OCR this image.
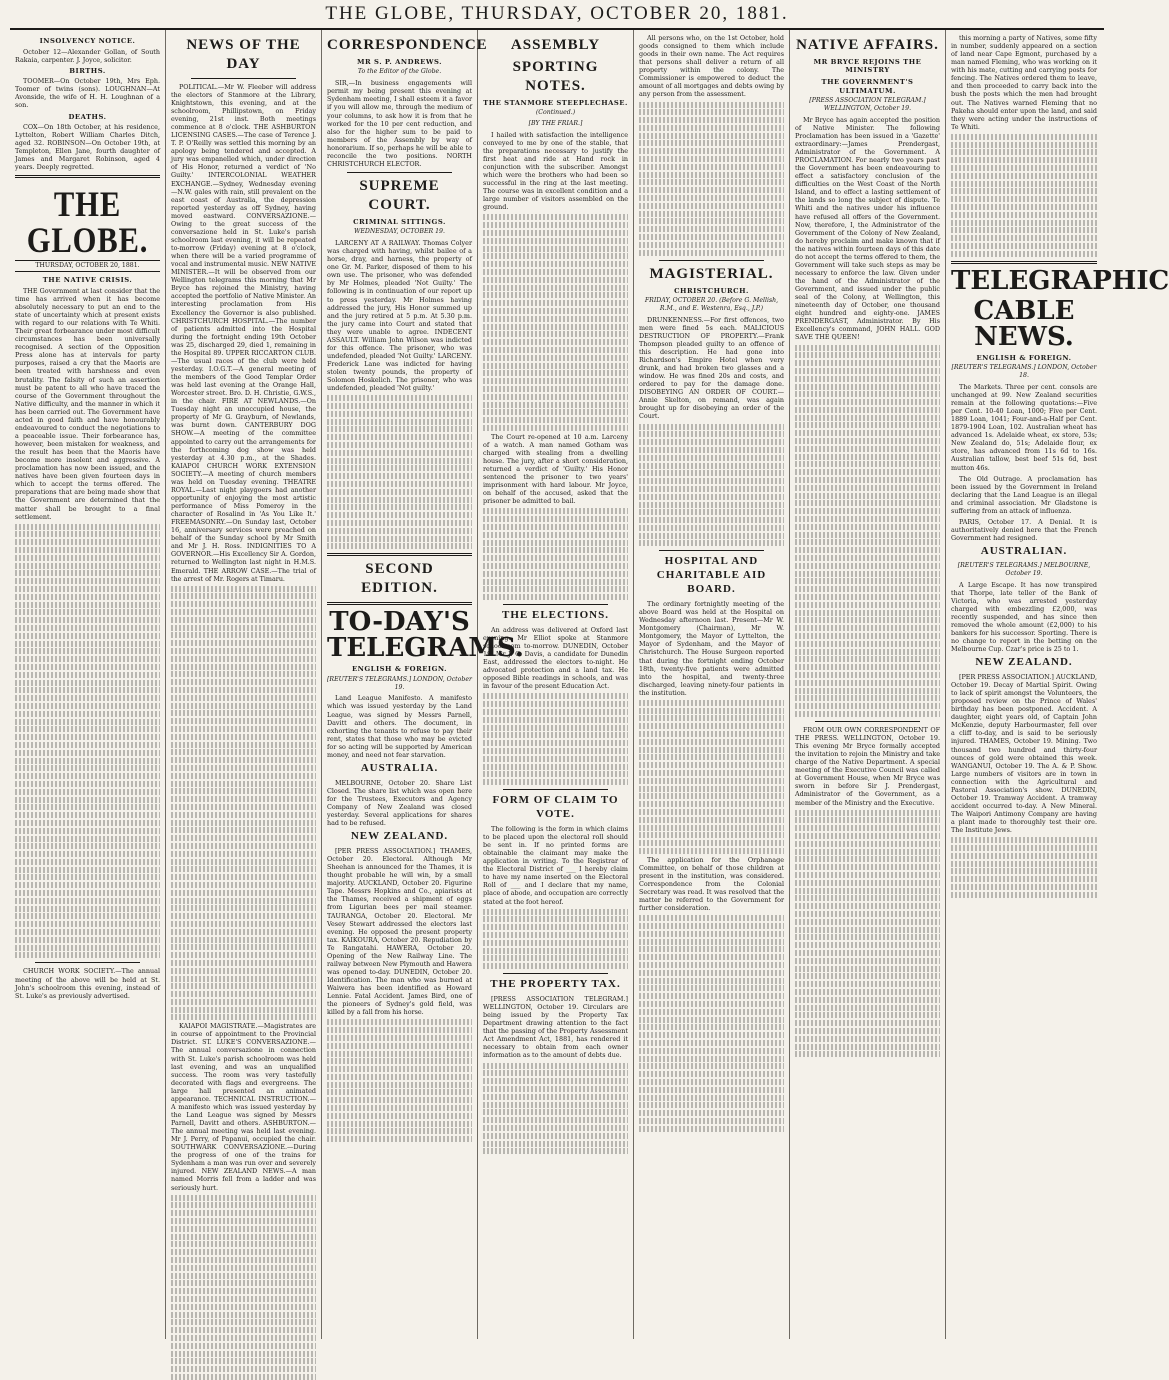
THE GLOBE, THURSDAY, OCTOBER 20, 1881.
INSOLVENCY NOTICE.

October 12—Alexander Gollan, of South Rakaia, carpenter. J. Joyce, solicitor.

BIRTHS.

TOOMER—On October 19th, Mrs Eph. Toomer of twins (sons). LOUGHNAN—At Avonside, the wife of H. H. Loughnan of a son.

DEATHS.

COX—On 18th October, at his residence, Lyttelton, Robert William Charles Ditch, aged 32. ROBINSON—On October 19th, at Templeton, Ellen Jane, fourth daughter of James and Margaret Robinson, aged 4 years. Deeply regretted.

THE GLOBE.
THURSDAY, OCTOBER 20, 1881.
THE NATIVE CRISIS.

THE Government at last consider that the time has arrived when it has become absolutely necessary to put an end to the state of uncertainty which at present exists with regard to our relations with Te Whiti. Their great forbearance under most difficult circumstances has been universally recognised. A section of the Opposition Press alone has at intervals for party purposes, raised a cry that the Maoris are been treated with harshness and even brutality. The falsity of such an assertion must be patent to all who have traced the course of the Government throughout the Native difficulty, and the manner in which it has been carried out. The Government have acted in good faith and have honourably endeavoured to conduct the negotiations to a peaceable issue. Their forbearance has, however, been mistaken for weakness, and the result has been that the Maoris have become more insolent and aggressive. A proclamation has now been issued, and the natives have been given fourteen days in which to accept the terms offered. The preparations that are being made show that the Government are determined that the matter shall be brought to a final settlement.

CHURCH WORK SOCIETY.—The annual meeting of the above will be held at St. John's schoolroom this evening, instead of St. Luke's as previously advertised.

NEWS OF THE DAY

POLITICAL.—Mr W. Fleeber will address the electors of Stanmore at the Library, Knightstown, this evening, and at the schoolroom, Phillipstown, on Friday evening, 21st inst. Both meetings commence at 8 o'clock. THE ASHBURTON LICENSING CASES.—The case of Terence J. T. P. O'Reilly was settled this morning by an apology being tendered and accepted. A jury was empanelled which, under direction of His Honor, returned a verdict of 'No Guilty.' INTERCOLONIAL WEATHER EXCHANGE.—Sydney, Wednesday evening—N.W. gales with rain, still prevalent on the east coast of Australia, the depression reported yesterday as off Sydney, having moved eastward. CONVERSAZIONE.—Owing to the great success of the conversazione held in St. Luke's parish schoolroom last evening, it will be repeated to-morrow (Friday) evening at 8 o'clock, when there will be a varied programme of vocal and instrumental music. NEW NATIVE MINISTER.—It will be observed from our Wellington telegrams this morning that Mr Bryce has rejoined the Ministry, having accepted the portfolio of Native Minister. An interesting proclamation from His Excellency the Governor is also published. CHRISTCHURCH HOSPITAL.—The number of patients admitted into the Hospital during the fortnight ending 19th October was 25, discharged 29, died 1, remaining in the Hospital 89. UPPER RICCARTON CLUB.—The usual races of the club were held yesterday. I.O.G.T.—A general meeting of the members of the Good Templar Order was held last evening at the Orange Hall, Worcester street. Bro. D. H. Christie, G.W.S., in the chair. FIRE AT NEWLANDS.—On Tuesday night an unoccupied house, the property of Mr G. Grayburn, of Newlands, was burnt down. CANTERBURY DOG SHOW.—A meeting of the committee appointed to carry out the arrangements for the forthcoming dog show was held yesterday at 4.30 p.m., at the Shades. KAIAPOI CHURCH WORK EXTENSION SOCIETY.—A meeting of church members was held on Tuesday evening. THEATRE ROYAL.—Last night playgoers had another opportunity of enjoying the most artistic performance of Miss Pomeroy in the character of Rosalind in 'As You Like It.' FREEMASONRY.—On Sunday last, October 16, anniversary services were preached on behalf of the Sunday school by Mr Smith and Mr J. H. Ross. INDIGNITIES TO A GOVERNOR.—His Excellency Sir A. Gordon, returned to Wellington last night in H.M.S. Emerald. THE ARROW CASE.—The trial of the arrest of Mr. Rogers at Timaru.

KAIAPOI MAGISTRATE.—Magistrates are in course of appointment to the Provincial District. ST. LUKE'S CONVERSAZIONE.—The annual conversazione in connection with St. Luke's parish schoolroom was held last evening, and was an unqualified success. The room was very tastefully decorated with flags and evergreens. The large hall presented an animated appearance. TECHNICAL INSTRUCTION.—A manifesto which was issued yesterday by the Land League was signed by Messrs Parnell, Davitt and others. ASHBURTON.—The annual meeting was held last evening. Mr J. Perry, of Papanui, occupied the chair. SOUTHWARK CONVERSAZIONE.—During the progress of one of the trains for Sydenham a man was run over and severely injured. NEW ZEALAND NEWS.—A man named Morris fell from a ladder and was seriously hurt.

CORRESPONDENCE
MR S. P. ANDREWS.
To the Editor of the Globe.

SIR,—In business engagements will permit my being present this evening at Sydenham meeting, I shall esteem it a favor if you will allow me, through the medium of your columns, to ask how it is from that he worked for the 10 per cent reduction, and also for the higher sum to be paid to members of the Assembly by way of honorarium. If so, perhaps he will be able to reconcile the two positions. NORTH CHRISTCHURCH ELECTOR.

SUPREME COURT.
CRIMINAL SITTINGS.
WEDNESDAY, OCTOBER 19.

LARCENY AT A RAILWAY. Thomas Colyer was charged with having, whilst bailee of a horse, dray, and harness, the property of one Gr. M. Parker, disposed of them to his own use. The prisoner, who was defended by Mr Holmes, pleaded 'Not Guilty.' The following is in continuation of our report up to press yesterday. Mr Holmes having addressed the jury, His Honor summed up and the jury retired at 5 p.m. At 5.30 p.m. the jury came into Court and stated that they were unable to agree. INDECENT ASSAULT. William John Wilson was indicted for this offence. The prisoner, who was undefended, pleaded 'Not Guilty.' LARCENY. Frederick Lane was indicted for having stolen twenty pounds, the property of Solomon Hoskelich. The prisoner, who was undefended, pleaded 'Not guilty.'

SECOND EDITION.
TO-DAY'S TELEGRAMS.
ENGLISH & FOREIGN.
[REUTER'S TELEGRAMS.] LONDON, October 19.

Land League Manifesto. A manifesto which was issued yesterday by the Land League, was signed by Messrs Parnell, Davitt and others. The document, in exhorting the tenants to refuse to pay their rent, states that those who may be evicted for so acting will be supported by American money, and need not fear starvation.

AUSTRALIA.

MELBOURNE, October 20. Share List Closed. The share list which was open here for the Trustees, Executors and Agency Company of New Zealand was closed yesterday. Several applications for shares had to be refused.

NEW ZEALAND.

[PER PRESS ASSOCIATION.] THAMES, October 20. Electoral. Although Mr Sheehan is announced for the Thames, it is thought probable he will win, by a small majority. AUCKLAND, October 20. Figurine Tape. Messrs Hopkins and Co., apiarists at the Thames, received a shipment of eggs from Ligurian bees per mail steamer. TAURANGA, October 20. Electoral. Mr Vesey Stewart addressed the electors last evening. He opposed the present property tax. KAIKOURA, October 20. Repudiation by Te Rangatahi. HAWERA, October 20. Opening of the New Railway Line. The railway between New Plymouth and Hawera was opened to-day. DUNEDIN, October 20. Identification. The man who was burned at Waiwera has been identified as Howard Lennie. Fatal Accident. James Bird, one of the pioneers of Sydney's gold field, was killed by a fall from his horse.

ASSEMBLY
SPORTING NOTES.
THE STANMORE STEEPLECHASE.
(Continued.)
[BY THE FRIAR.]

I hailed with satisfaction the intelligence conveyed to me by one of the stable, that the preparations necessary to justify the first heat and ride at Hand rock in conjunction with the subscriber. Amongst which were the brothers who had been so successful in the ring at the last meeting. The course was in excellent condition and a large number of visitors assembled on the ground.

The Court re-opened at 10 a.m. Larceny of a watch. A man named Gotham was charged with stealing from a dwelling house. The jury, after a short consideration, returned a verdict of 'Guilty.' His Honor sentenced the prisoner to two years' imprisonment with hard labour. Mr Joyce, on behalf of the accused, asked that the prisoner be admitted to bail.

THE ELECTIONS.

An address was delivered at Oxford last evening. Mr Elliot spoke at Stanmore schoolroom to-morrow. DUNEDIN, October 19. Mr J. C. Davis, a candidate for Dunedin East, addressed the electors to-night. He advocated protection and a land tax. He opposed Bible readings in schools, and was in favour of the present Education Act.

FORM OF CLAIM TO VOTE.

The following is the form in which claims to be placed upon the electoral roll should be sent in. If no printed forms are obtainable the claimant may make the application in writing. To the Registrar of the Electoral District of ___ I hereby claim to have my name inserted on the Electoral Roll of ___ and I declare that my name, place of abode, and occupation are correctly stated at the foot hereof.

THE PROPERTY TAX.

[PRESS ASSOCIATION TELEGRAM.] WELLINGTON, October 19. Circulars are being issued by the Property Tax Department drawing attention to the fact that the passing of the Property Assessment Act Amendment Act, 1881, has rendered it necessary to obtain from each owner information as to the amount of debts due.

All persons who, on the 1st October, hold goods consigned to them which include goods in their own name. The Act requires that persons shall deliver a return of all property within the colony. The Commissioner is empowered to deduct the amount of all mortgages and debts owing by any person from the assessment.

MAGISTERIAL.
CHRISTCHURCH.
FRIDAY, OCTOBER 20. (Before G. Mellish, R.M., and E. Westenra, Esq., J.P.)

DRUNKENNESS.—For first offences, two men were fined 5s each. MALICIOUS DESTRUCTION OF PROPERTY.—Frank Thompson pleaded guilty to an offence of this description. He had gone into Richardson's Empire Hotel when very drunk, and had broken two glasses and a window. He was fined 20s and costs, and ordered to pay for the damage done. DISOBEYING AN ORDER OF COURT.—Annie Skelton, on remand, was again brought up for disobeying an order of the Court.

HOSPITAL AND CHARITABLE AID BOARD.

The ordinary fortnightly meeting of the above Board was held at the Hospital on Wednesday afternoon last. Present—Mr W. Montgomery (Chairman), Mr W. Montgomery, the Mayor of Lyttelton, the Mayor of Sydenham, and the Mayor of Christchurch. The House Surgeon reported that during the fortnight ending October 18th, twenty-five patients were admitted into the hospital, and twenty-three discharged, leaving ninety-four patients in the institution.

The application for the Orphanage Committee, on behalf of those children at present in the institution, was considered. Correspondence from the Colonial Secretary was read. It was resolved that the matter be referred to the Government for further consideration.

NATIVE AFFAIRS.
MR BRYCE REJOINS THE MINISTRY
THE GOVERNMENT'S ULTIMATUM.
[PRESS ASSOCIATION TELEGRAM.] WELLINGTON, October 19.

Mr Bryce has again accepted the position of Native Minister. The following Proclamation has been issued in a 'Gazette' extraordinary:—James Prendergast, Administrator of the Government. A PROCLAMATION. For nearly two years past the Government has been endeavouring to effect a satisfactory conclusion of the difficulties on the West Coast of the North Island, and to effect a lasting settlement of the lands so long the subject of dispute. Te Whiti and the natives under his influence have refused all offers of the Government. Now, therefore, I, the Administrator of the Government of the Colony of New Zealand, do hereby proclaim and make known that if the natives within fourteen days of this date do not accept the terms offered to them, the Government will take such steps as may be necessary to enforce the law. Given under the hand of the Administrator of the Government, and issued under the public seal of the Colony, at Wellington, this nineteenth day of October, one thousand eight hundred and eighty-one. JAMES PRENDERGAST, Administrator. By His Excellency's command, JOHN HALL. GOD SAVE THE QUEEN!

FROM OUR OWN CORRESPONDENT OF THE PRESS. WELLINGTON, October 19. This evening Mr Bryce formally accepted the invitation to rejoin the Ministry and take charge of the Native Department. A special meeting of the Executive Council was called at Government House, when Mr Bryce was sworn in before Sir J. Prendergast, Administrator of the Government, as a member of the Ministry and the Executive.

this morning a party of Natives, some fifty in number, suddenly appeared on a section of land near Cape Egmont, purchased by a man named Fleming, who was working on it with his mate, cutting and carrying posts for fencing. The Natives ordered them to leave, and then proceeded to carry back into the bush the posts which the men had brought out. The Natives warned Fleming that no Pakeha should enter upon the land, and said they were acting under the instructions of Te Whiti.

TELEGRAPHIC
CABLE NEWS.
ENGLISH & FOREIGN.
[REUTER'S TELEGRAMS.] LONDON, October 18.

The Markets. Three per cent. consols are unchanged at 99. New Zealand securities remain at the following quotations:—Five per Cent. 10-40 Loan, 1000; Five per Cent. 1889 Loan, 1041; Four-and-a-Half per Cent. 1879-1904 Loan, 102. Australian wheat has advanced 1s. Adelaide wheat, ex store, 53s; New Zealand do, 51s; Adelaide flour, ex store, has advanced from 11s 6d to 16s. Australian tallow, best beef 51s 6d, best mutton 46s.

The Old Outrage. A proclamation has been issued by the Government in Ireland declaring that the Land League is an illegal and criminal association. Mr Gladstone is suffering from an attack of influenza.

PARIS, October 17. A Denial. It is authoritatively denied here that the French Government had resigned.

AUSTRALIAN.
[REUTER'S TELEGRAMS.] MELBOURNE, October 19.

A Large Escape. It has now transpired that Thorpe, late teller of the Bank of Victoria, who was arrested yesterday charged with embezzling £2,000, was recently suspended, and has since then removed the whole amount (£2,000) to his bankers for his successor. Sporting. There is no change to report in the betting on the Melbourne Cup. Czar's price is 25 to 1.

NEW ZEALAND.

[PER PRESS ASSOCIATION.] AUCKLAND, October 19. Decay of Martial Spirit. Owing to lack of spirit amongst the Volunteers, the proposed review on the Prince of Wales' birthday has been postponed. Accident. A daughter, eight years old, of Captain John McKenzie, deputy Harbourmaster, fell over a cliff to-day, and is said to be seriously injured. THAMES, October 19. Mining. Two thousand two hundred and thirty-four ounces of gold were obtained this week. WANGANUI, October 19. The A. & P. Show. Large numbers of visitors are in town in connection with the Agricultural and Pastoral Association's show. DUNEDIN, October 19. Tramway Accident. A tramway accident occurred to-day. A New Mineral. The Waipori Antimony Company are having a plant made to thoroughly test their ore. The Institute Jews.
